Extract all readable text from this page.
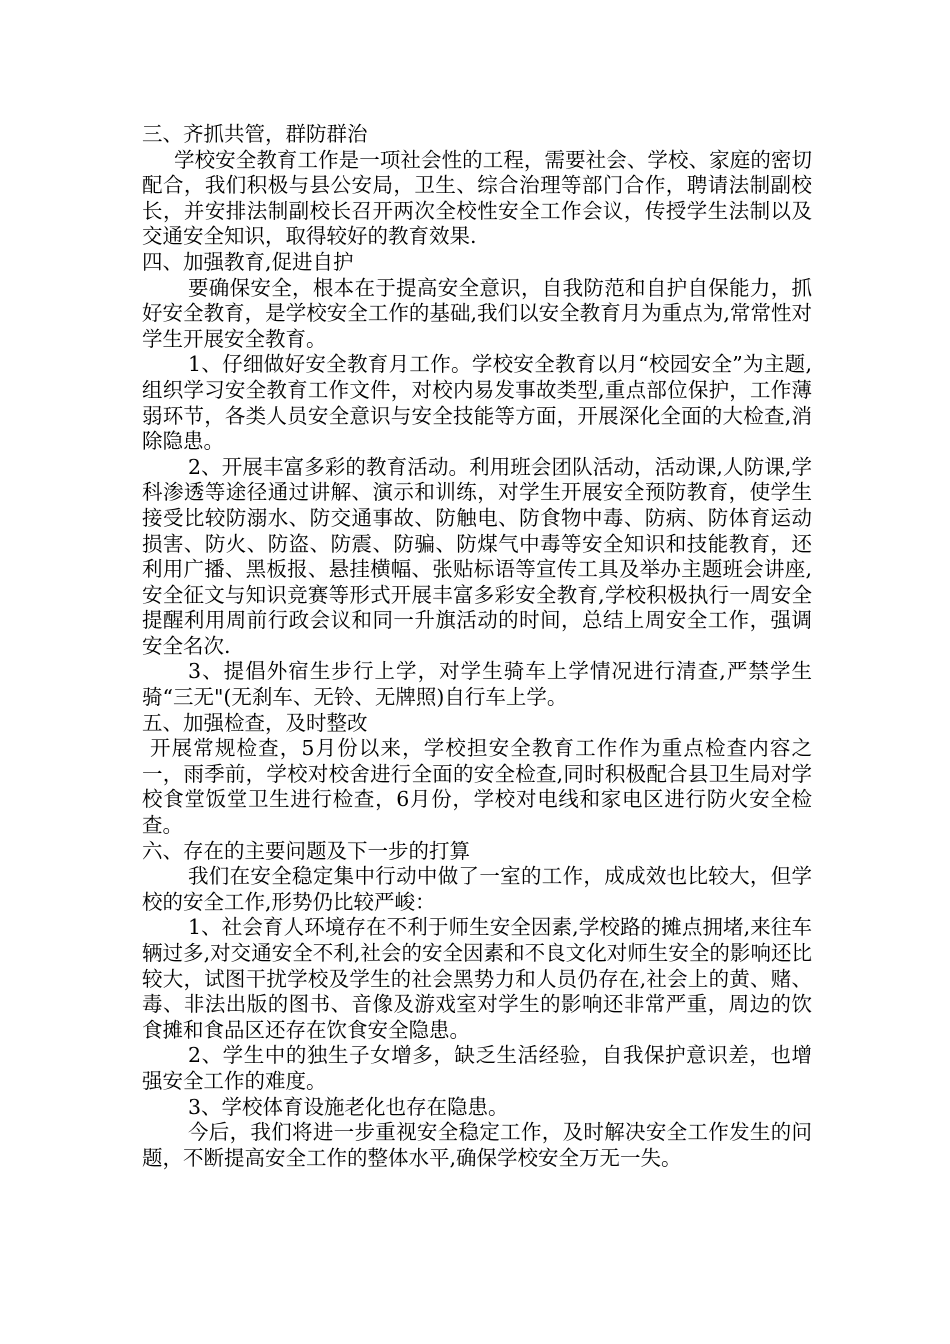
三、齐抓共管，群防群治

学校安全教育工作是一项社会性的工程，需要社会、学校、家庭的密切配合，我们积极与县公安局，卫生、综合治理等部门合作，聘请法制副校长，并安排法制副校长召开两次全校性安全工作会议，传授学生法制以及交通安全知识，取得较好的教育效果.

四、加强教育,促进自护

要确保安全，根本在于提高安全意识，自我防范和自护自保能力，抓好安全教育，是学校安全工作的基础,我们以安全教育月为重点为,常常性对学生开展安全教育。

1、仔细做好安全教育月工作。学校安全教育以月“校园安全”为主题,组织学习安全教育工作文件，对校内易发事故类型,重点部位保护，工作薄弱环节，各类人员安全意识与安全技能等方面，开展深化全面的大检查,消除隐患。

2、开展丰富多彩的教育活动。利用班会团队活动，活动课,人防课,学科渗透等途径通过讲解、演示和训练，对学生开展安全预防教育，使学生接受比较防溺水、防交通事故、防触电、防食物中毒、防病、防体育运动损害、防火、防盗、防震、防骗、防煤气中毒等安全知识和技能教育，还利用广播、黑板报、悬挂横幅、张贴标语等宣传工具及举办主题班会讲座,安全征文与知识竞赛等形式开展丰富多彩安全教育,学校积极执行一周安全提醒利用周前行政会议和同一升旗活动的时间，总结上周安全工作，强调安全名次.

3、提倡外宿生步行上学，对学生骑车上学情况进行清查,严禁学生骑“三无"(无刹车、无铃、无牌照)自行车上学。

五、加强检查，及时整改

开展常规检查，5月份以来，学校担安全教育工作作为重点检查内容之一，雨季前，学校对校舍进行全面的安全检查,同时积极配合县卫生局对学校食堂饭堂卫生进行检查，6月份，学校对电线和家电区进行防火安全检查。

六、存在的主要问题及下一步的打算

我们在安全稳定集中行动中做了一室的工作，成成效也比较大，但学校的安全工作,形势仍比较严峻：

1、社会育人环境存在不利于师生安全因素,学校路的摊点拥堵,来往车辆过多,对交通安全不利,社会的安全因素和不良文化对师生安全的影响还比较大，试图干扰学校及学生的社会黑势力和人员仍存在,社会上的黄、赌、毒、非法出版的图书、音像及游戏室对学生的影响还非常严重，周边的饮食摊和食品区还存在饮食安全隐患。

2、学生中的独生子女增多，缺乏生活经验，自我保护意识差，也增强安全工作的难度。

3、学校体育设施老化也存在隐患。

今后，我们将进一步重视安全稳定工作，及时解决安全工作发生的问题，不断提高安全工作的整体水平,确保学校安全万无一失。
